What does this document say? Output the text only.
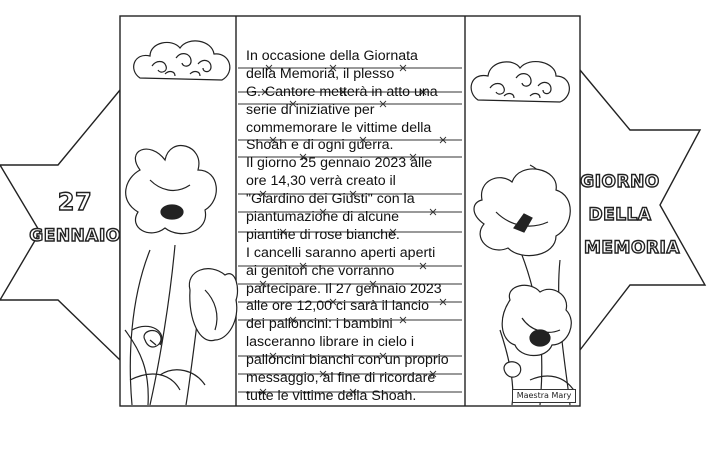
27
GENNAIO
GIORNO
DELLA
MEMORIA
In occasione della Giornata
della Memoria, il plesso
G. Cantore metterà in atto una
serie di iniziative per
commemorare le vittime della
Shoah e di ogni guerra.
Il giorno 25 gennaio 2023 alle
ore 14,30 verrà creato il
"Giardino dei Giusti" con la
piantumazione di alcune
piantine di rose bianche.
I cancelli saranno aperti aperti
ai genitori che vorranno
partecipare. Il 27 gennaio 2023
alle ore 12,00 ci sarà il lancio
dei palloncini: i bambini
lasceranno librare in cielo i
palloncini bianchi con un proprio
messaggio, al fine di ricordare
tutte le vittime della Shoah.	Maestra Mary
